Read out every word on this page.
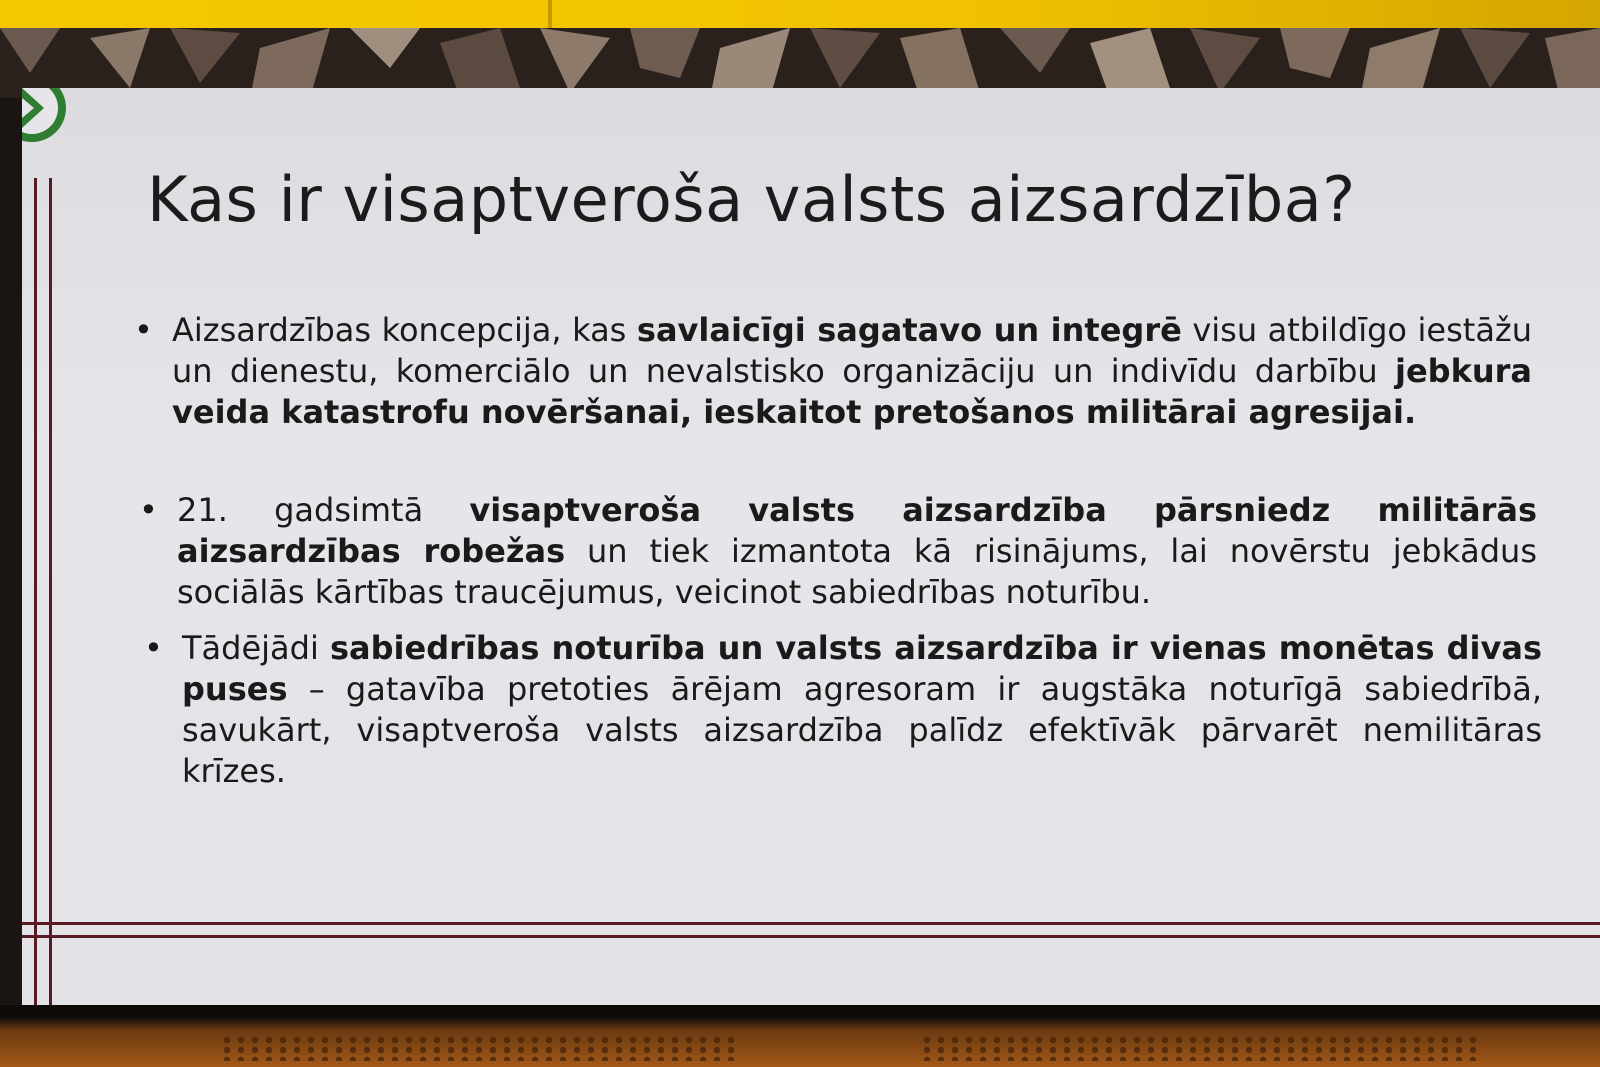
Kas ir visaptveroša valsts aizsardzība?
• Aizsardzības koncepcija, kas savlaicīgi sagatavo un integrē visu atbildīgo iestāžu un dienestu, komerciālo un nevalstisko organizāciju un indivīdu darbību jebkura veida katastrofu novēršanai, ieskaitot pretošanos militārai agresijai.
• 21. gadsimtā visaptveroša valsts aizsardzība pārsniedz militārās aizsardzības robežas un tiek izmantota kā risinājums, lai novērstu jebkādus sociālās kārtības traucējumus, veicinot sabiedrības noturību.
• Tādējādi sabiedrības noturība un valsts aizsardzība ir vienas monētas divas puses – gatavība pretoties ārējam agresoram ir augstāka noturīgā sabiedrībā, savukārt, visaptveroša valsts aizsardzība palīdz efektīvāk pārvarēt nemilitāras krīzes.
